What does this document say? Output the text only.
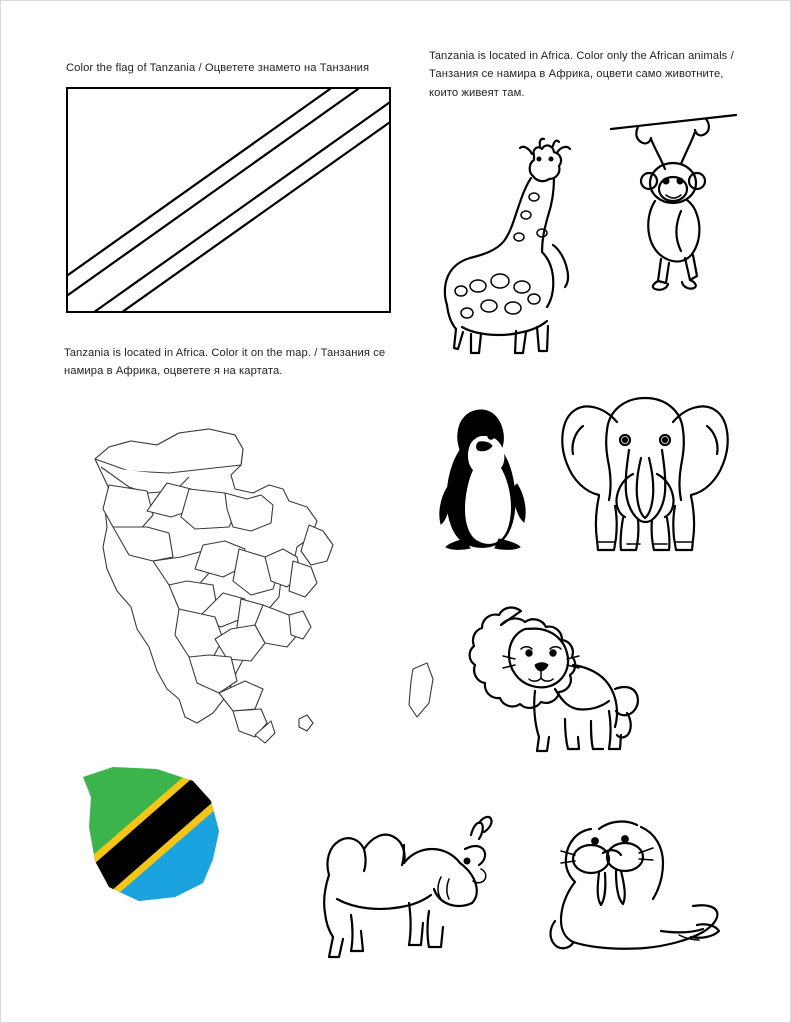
Color the flag of Tanzania / Оцветете знамето на Танзания
Tanzania is located in Africa. Color only the African animals / Танзания се намира в Африка, оцвети само животните, които живеят там.
Tanzania is located in Africa. Color it on the map. / Танзания се намира в Африка, оцветете я на картата.
